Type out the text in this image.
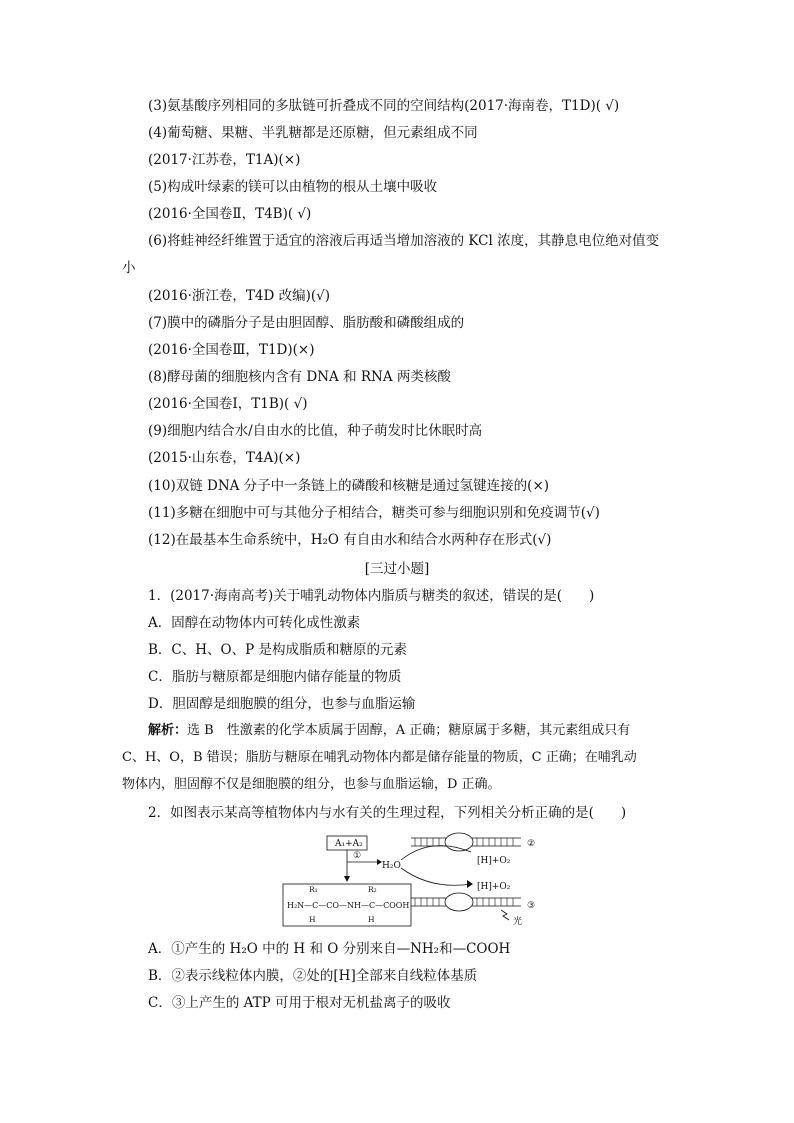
(3)氨基酸序列相同的多肽链可折叠成不同的空间结构(2017·海南卷，T1D)( √)
(4)葡萄糖、果糖、半乳糖都是还原糖，但元素组成不同
(2017·江苏卷，T1A)(×)
(5)构成叶绿素的镁可以由植物的根从土壤中吸收
(2016·全国卷Ⅱ，T4B)( √)
(6)将蛙神经纤维置于适宜的溶液后再适当增加溶液的 KCl 浓度，其静息电位绝对值变
小
(2016·浙江卷，T4D 改编)(√)
(7)膜中的磷脂分子是由胆固醇、脂肪酸和磷酸组成的
(2016·全国卷Ⅲ，T1D)(×)
(8)酵母菌的细胞核内含有 DNA 和 RNA 两类核酸
(2016·全国卷Ⅰ，T1B)( √)
(9)细胞内结合水/自由水的比值，种子萌发时比休眠时高
(2015·山东卷，T4A)(×)
(10)双链 DNA 分子中一条链上的磷酸和核糖是通过氢键连接的(×)
(11)多糖在细胞中可与其他分子相结合，糖类可参与细胞识别和免疫调节(√)
(12)在最基本生命系统中，H₂O 有自由水和结合水两种存在形式(√)
[三过小题]
1．(2017·海南高考)关于哺乳动物体内脂质与糖类的叙述，错误的是(　　)
A．固醇在动物体内可转化成性激素
B．C、H、O、P 是构成脂质和糖原的元素
C．脂肪与糖原都是细胞内储存能量的物质
D．胆固醇是细胞膜的组分，也参与血脂运输
解析：选 B　性激素的化学本质属于固醇，A 正确；糖原属于多糖，其元素组成只有
C、H、O，B 错误；脂肪与糖原在哺乳动物体内都是储存能量的物质，C 正确；在哺乳动
物体内，胆固醇不仅是细胞膜的组分，也参与血脂运输，D 正确。
2．如图表示某高等植物体内与水有关的生理过程，下列相关分析正确的是(　　)
A₁+A₂
①
H₂O
②
[H]+O₂
[H]+O₂
③
光
R₁	R₂
H₂N—C—CO—NH—C—COOH
H	H
A．①产生的 H₂O 中的 H 和 O 分别来自—NH₂和—COOH
B．②表示线粒体内膜，②处的[H]全部来自线粒体基质
C．③上产生的 ATP 可用于根对无机盐离子的吸收
